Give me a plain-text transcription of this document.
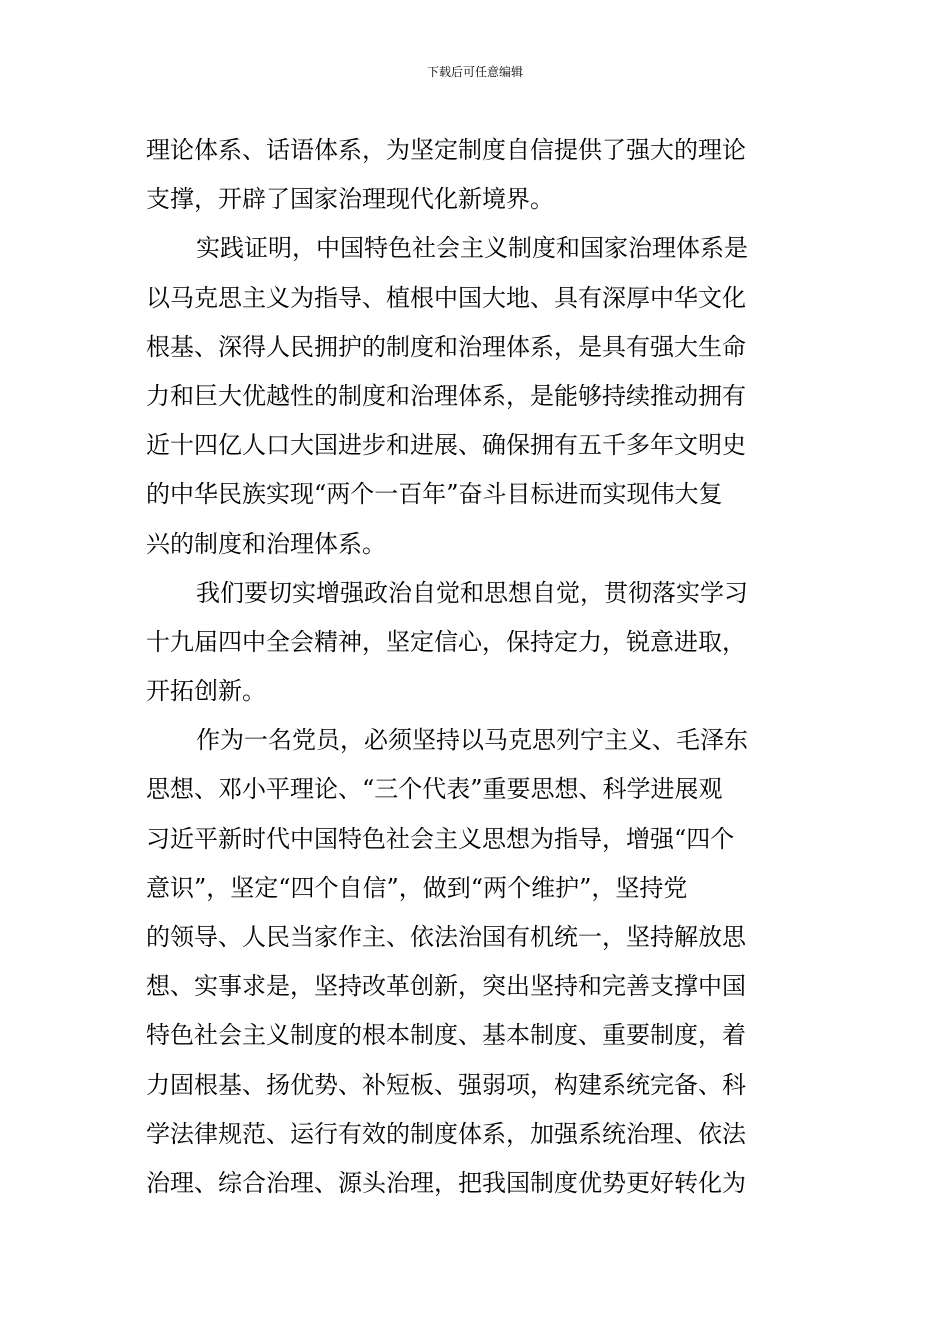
下载后可任意编辑
理论体系、话语体系，为坚定制度自信提供了强大的理论
支撑，开辟了国家治理现代化新境界。
实践证明，中国特色社会主义制度和国家治理体系是
以马克思主义为指导、植根中国大地、具有深厚中华文化
根基、深得人民拥护的制度和治理体系，是具有强大生命
力和巨大优越性的制度和治理体系，是能够持续推动拥有
近十四亿人口大国进步和进展、确保拥有五千多年文明史
的中华民族实现“两个一百年”奋斗目标进而实现伟大复
兴的制度和治理体系。
我们要切实增强政治自觉和思想自觉，贯彻落实学习
十九届四中全会精神，坚定信心，保持定力，锐意进取，
开拓创新。
作为一名党员，必须坚持以马克思列宁主义、毛泽东
思想、邓小平理论、“三个代表”重要思想、科学进展观
习近平新时代中国特色社会主义思想为指导，增强“四个
意识”，坚定“四个自信”，做到“两个维护”，坚持党
的领导、人民当家作主、依法治国有机统一，坚持解放思
想、实事求是，坚持改革创新，突出坚持和完善支撑中国
特色社会主义制度的根本制度、基本制度、重要制度，着
力固根基、扬优势、补短板、强弱项，构建系统完备、科
学法律规范、运行有效的制度体系，加强系统治理、依法
治理、综合治理、源头治理，把我国制度优势更好转化为
